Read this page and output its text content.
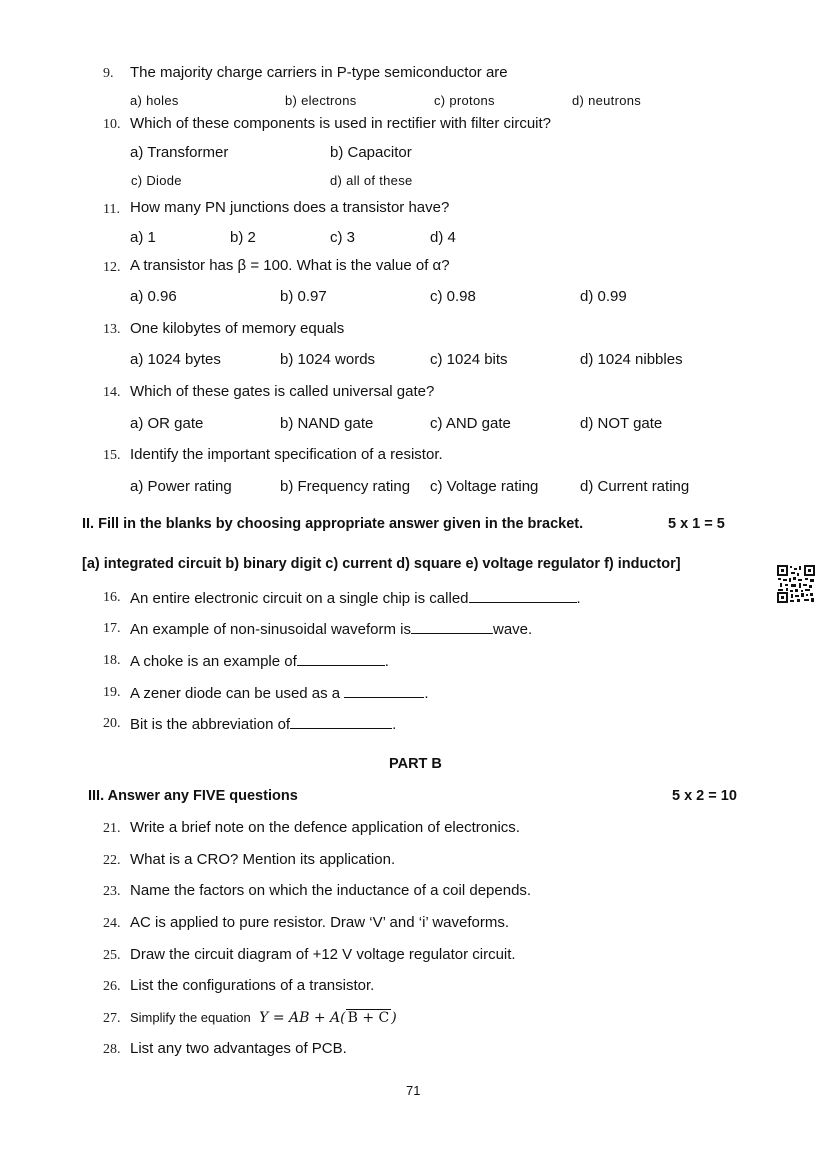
9. The majority charge carriers in P-type semiconductor are
a) holes	b) electrons	c) protons	d) neutrons
10. Which of these components is used in rectifier with filter circuit?
a) Transformer	b) Capacitor
c) Diode	d) all of these
11. How many PN junctions does a transistor have?
a) 1	b) 2	c) 3	d) 4
12. A transistor has β = 100. What is the value of α?
a) 0.96	b) 0.97	c) 0.98	d) 0.99
13. One kilobytes of memory equals
a) 1024 bytes	b) 1024 words	c) 1024 bits	d) 1024 nibbles
14. Which of these gates is called universal gate?
a) OR gate	b) NAND gate	c) AND gate	d) NOT gate
15. Identify the important specification of a resistor.
a) Power rating	b) Frequency rating c) Voltage rating	d) Current rating
II. Fill in the blanks by choosing appropriate answer given in the bracket.	5 x 1 = 5
[a) integrated circuit b) binary digit c) current d) square e) voltage regulator f) inductor]
16. An entire electronic circuit on a single chip is called	.
17. An example of non-sinusoidal waveform is	wave.
18. A choke is an example of	.
19. A zener diode can be used as a	.
20. Bit is the abbreviation of	.
PART B
III. Answer any FIVE questions	5 x 2 = 10
21. Write a brief note on the defence application of electronics.
22. What is a CRO? Mention its application.
23. Name the factors on which the inductance of a coil depends.
24. AC is applied to pure resistor. Draw ‘V’ and ‘i’ waveforms.
25. Draw the circuit diagram of +12 V voltage regulator circuit.
26. List the configurations of a transistor.
27. Simplify the equation Y = AB + A( B + C )
28. List any two advantages of PCB.
71
